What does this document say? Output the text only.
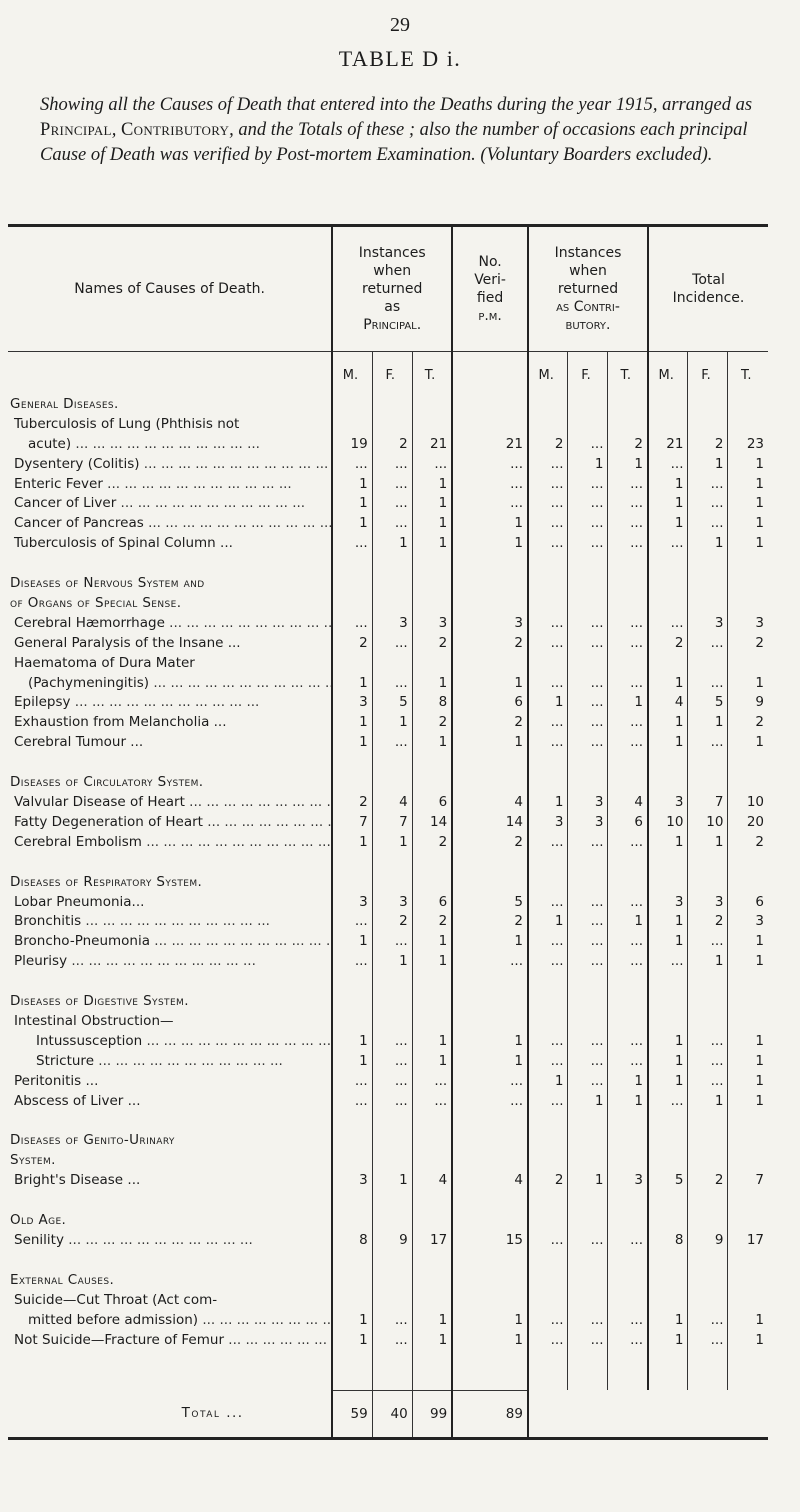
29
TABLE D i.

Showing all the Causes of Death that entered into the Deaths during the year 1915, arranged as Principal, Contributory, and the Totals of these ; also the number of occasions each principal Cause of Death was verified by Post-mortem Examination. (Voluntary Boarders excluded).

Names of Causes of Death.	Instances
when
returned
as
Principal.			No.
Veri-
fied
p.m.	Instances
when
returned
as Contri-
butory.			Total
Incidence.		
	M.	F.	T.		M.	F.	T.	M.	F.	T.
General Diseases.										
Tuberculosis of Lung (Phthisis not										
acute) ... .	19	2	21	21	2	...	2	21	2	23
Dysentery (Colitis) ... .	...	...	...	...	...	1	1	...	1	1
Enteric Fever ... .	1	...	1	...	...	...	...	1	...	1
Cancer of Liver ... .	1	...	1	...	...	...	...	1	...	1
Cancer of Pancreas ... .	1	...	1	1	...	...	...	1	...	1
Tuberculosis of Spinal Column ...	...	1	1	1	...	...	...	...	1	1

Diseases of Nervous System and										
of Organs of Special Sense.										
Cerebral Hæmorrhage ... .	...	3	3	3	...	...	...	...	3	3
General Paralysis of the Insane ...	2	...	2	2	...	...	...	2	...	2
Haematoma of Dura Mater										
(Pachymeningitis) ... .	1	...	1	1	...	...	...	1	...	1
Epilepsy ... .	3	5	8	6	1	...	1	4	5	9
Exhaustion from Melancholia ...	1	1	2	2	...	...	...	1	1	2
Cerebral Tumour ...	1	...	1	1	...	...	...	1	...	1

Diseases of Circulatory System.										
Valvular Disease of Heart ... .	2	4	6	4	1	3	4	3	7	10
Fatty Degeneration of Heart ... .	7	7	14	14	3	3	6	10	10	20
Cerebral Embolism ... .	1	1	2	2	...	...	...	1	1	2

Diseases of Respiratory System.										
Lobar Pneumonia...	3	3	6	5	...	...	...	3	3	6
Bronchitis ... .	...	2	2	2	1	...	1	1	2	3
Broncho-Pneumonia ... .	1	...	1	1	...	...	...	1	...	1
Pleurisy ... .	...	1	1	...	...	...	...	...	1	1

Diseases of Digestive System.										
Intestinal Obstruction—										
Intussusception ... .	1	...	1	1	...	...	...	1	...	1
Stricture ... .	1	...	1	1	...	...	...	1	...	1
Peritonitis ...	...	...	...	...	1	...	1	1	...	1
Abscess of Liver ...	...	...	...	...	...	1	1	...	1	1

Diseases of Genito-Urinary										
System.										
Bright's Disease ...	3	1	4	4	2	1	3	5	2	7

Old Age.										
Senility ... .	8	9	17	15	...	...	...	8	9	17

External Causes.										
Suicide—Cut Throat (Act com-										
mitted before admission) ... .	1	...	1	1	...	...	...	1	...	1
Not Suicide—Fracture of Femur ... .	1	...	1	1	...	...	...	1	...	1

Total ...	59	40	99	89						
